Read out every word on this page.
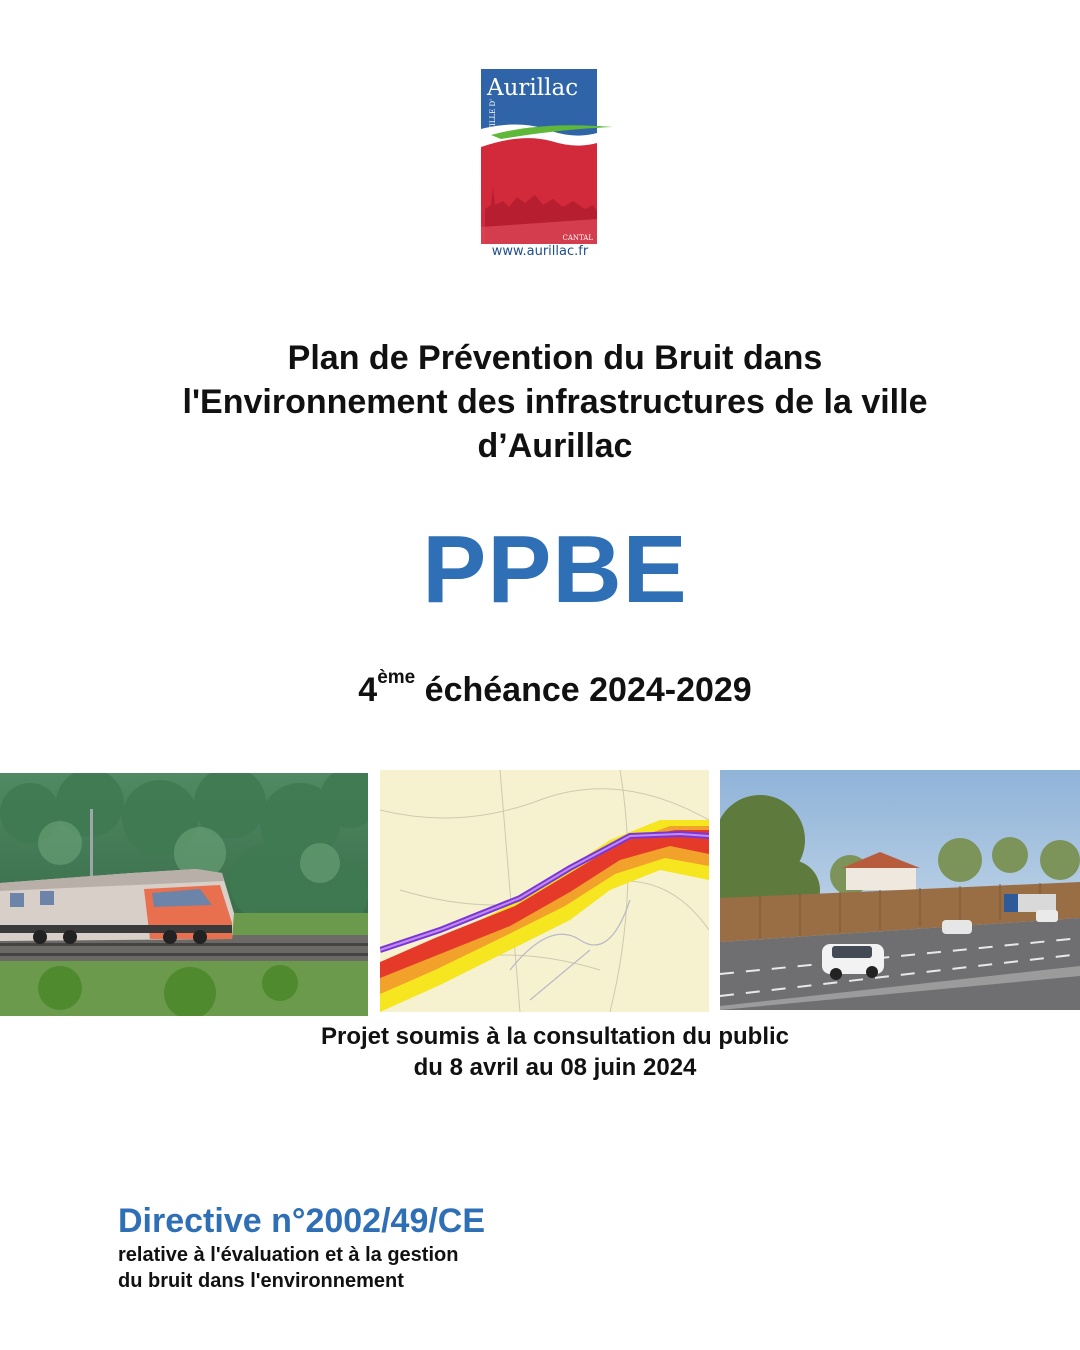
CANTAL
Aurillac
VILLE D'
www.aurillac.fr
Plan de Prévention du Bruit dans
l'Environnement des infrastructures de la ville
d’Aurillac
PPBE
4ème échéance 2024-2029
Projet soumis à la consultation du public
du 8 avril au 08 juin 2024
Directive n°2002/49/CE
relative à l'évaluation et à la gestion
du bruit dans l'environnement
